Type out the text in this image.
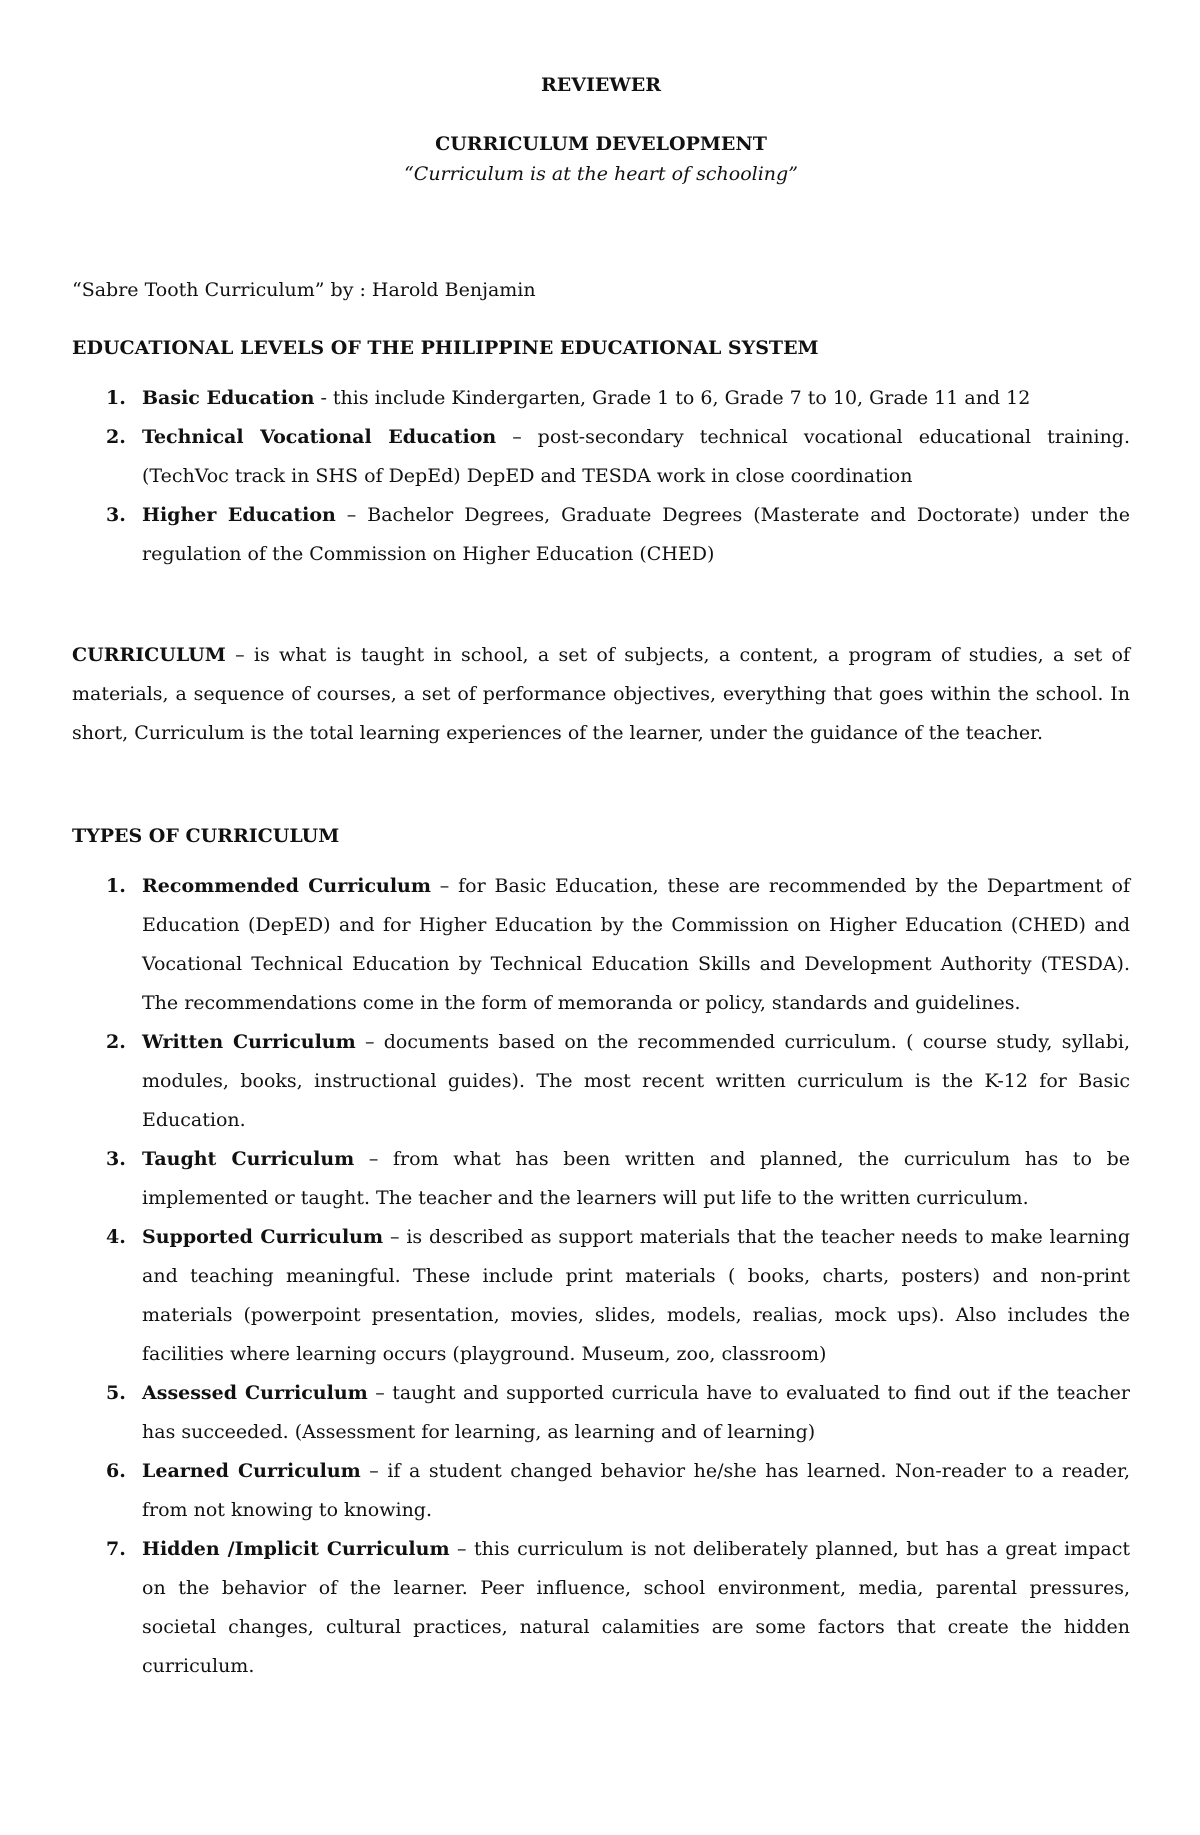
REVIEWER

CURRICULUM DEVELOPMENT

“Curriculum is at the heart of schooling”

“Sabre Tooth Curriculum” by : Harold Benjamin

EDUCATIONAL LEVELS OF THE PHILIPPINE EDUCATIONAL SYSTEM

1. Basic Education - this include Kindergarten, Grade 1 to 6, Grade 7 to 10, Grade 11 and 12
2. Technical Vocational Education – post-secondary technical vocational educational training. (TechVoc track in SHS of DepEd) DepED and TESDA work in close coordination
3. Higher Education – Bachelor Degrees, Graduate Degrees (Masterate and Doctorate) under the regulation of the Commission on Higher Education (CHED)

CURRICULUM – is what is taught in school, a set of subjects, a content, a program of studies, a set of materials, a sequence of courses, a set of performance objectives, everything that goes within the school. In short, Curriculum is the total learning experiences of the learner, under the guidance of the teacher.

TYPES OF CURRICULUM

1. Recommended Curriculum – for Basic Education, these are recommended by the Department of Education (DepED) and for Higher Education by the Commission on Higher Education (CHED) and Vocational Technical Education by Technical Education Skills and Development Authority (TESDA). The recommendations come in the form of memoranda or policy, standards and guidelines.
2. Written Curriculum – documents based on the recommended curriculum. ( course study, syllabi, modules, books, instructional guides). The most recent written curriculum is the K-12 for Basic Education.
3. Taught Curriculum – from what has been written and planned, the curriculum has to be implemented or taught. The teacher and the learners will put life to the written curriculum.
4. Supported Curriculum – is described as support materials that the teacher needs to make learning and teaching meaningful. These include print materials ( books, charts, posters) and non-print materials (powerpoint presentation, movies, slides, models, realias, mock ups). Also includes the facilities where learning occurs (playground. Museum, zoo, classroom)
5. Assessed Curriculum – taught and supported curricula have to evaluated to find out if the teacher has succeeded. (Assessment for learning, as learning and of learning)
6. Learned Curriculum – if a student changed behavior he/she has learned. Non-reader to a reader, from not knowing to knowing.
7. Hidden /Implicit Curriculum – this curriculum is not deliberately planned, but has a great impact on the behavior of the learner. Peer influence, school environment, media, parental pressures, societal changes, cultural practices, natural calamities are some factors that create the hidden curriculum.
